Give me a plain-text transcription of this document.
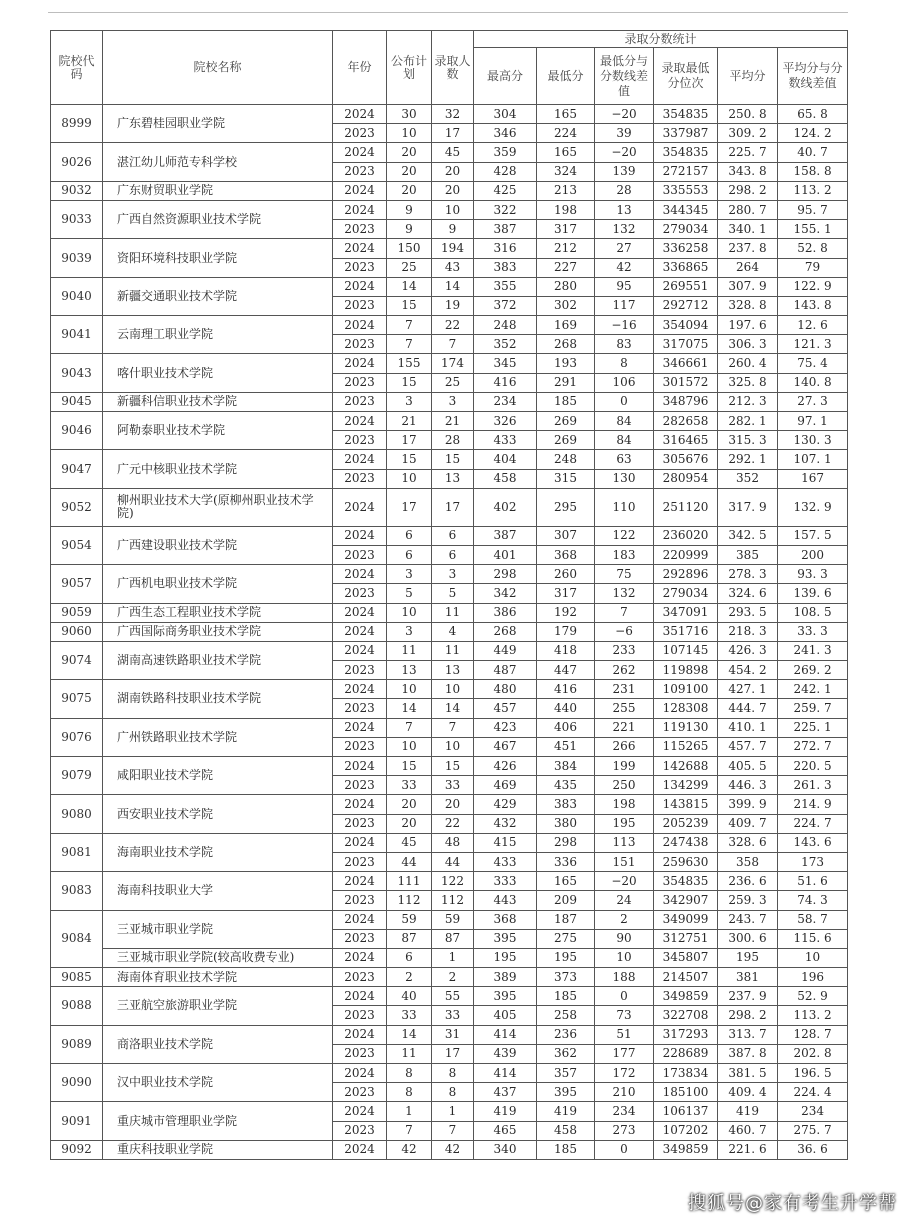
院校代码	院校名称	年份	公布计划	录取人数	录取分数统计					
					最高分	最低分	最低分与分数线差值	录取最低分位次	平均分	平均分与分数线差值
8999	广东碧桂园职业学院	2024	30	32	304	165	−20	354835	250. 8	65. 8
		2023	10	17	346	224	39	337987	309. 2	124. 2
9026	湛江幼儿师范专科学校	2024	20	45	359	165	−20	354835	225. 7	40. 7
		2023	20	20	428	324	139	272157	343. 8	158. 8
9032	广东财贸职业学院	2024	20	20	425	213	28	335553	298. 2	113. 2
9033	广西自然资源职业技术学院	2024	9	10	322	198	13	344345	280. 7	95. 7
		2023	9	9	387	317	132	279034	340. 1	155. 1
9039	资阳环境科技职业学院	2024	150	194	316	212	27	336258	237. 8	52. 8
		2023	25	43	383	227	42	336865	264	79
9040	新疆交通职业技术学院	2024	14	14	355	280	95	269551	307. 9	122. 9
		2023	15	19	372	302	117	292712	328. 8	143. 8
9041	云南理工职业学院	2024	7	22	248	169	−16	354094	197. 6	12. 6
		2023	7	7	352	268	83	317075	306. 3	121. 3
9043	喀什职业技术学院	2024	155	174	345	193	8	346661	260. 4	75. 4
		2023	15	25	416	291	106	301572	325. 8	140. 8
9045	新疆科信职业技术学院	2023	3	3	234	185	0	348796	212. 3	27. 3
9046	阿勒泰职业技术学院	2024	21	21	326	269	84	282658	282. 1	97. 1
		2023	17	28	433	269	84	316465	315. 3	130. 3
9047	广元中核职业技术学院	2024	15	15	404	248	63	305676	292. 1	107. 1
		2023	10	13	458	315	130	280954	352	167
9052	柳州职业技术大学(原柳州职业技术学院)	2024	17	17	402	295	110	251120	317. 9	132. 9
9054	广西建设职业技术学院	2024	6	6	387	307	122	236020	342. 5	157. 5
		2023	6	6	401	368	183	220999	385	200
9057	广西机电职业技术学院	2024	3	3	298	260	75	292896	278. 3	93. 3
		2023	5	5	342	317	132	279034	324. 6	139. 6
9059	广西生态工程职业技术学院	2024	10	11	386	192	7	347091	293. 5	108. 5
9060	广西国际商务职业技术学院	2024	3	4	268	179	−6	351716	218. 3	33. 3
9074	湖南高速铁路职业技术学院	2024	11	11	449	418	233	107145	426. 3	241. 3
		2023	13	13	487	447	262	119898	454. 2	269. 2
9075	湖南铁路科技职业技术学院	2024	10	10	480	416	231	109100	427. 1	242. 1
		2023	14	14	457	440	255	128308	444. 7	259. 7
9076	广州铁路职业技术学院	2024	7	7	423	406	221	119130	410. 1	225. 1
		2023	10	10	467	451	266	115265	457. 7	272. 7
9079	咸阳职业技术学院	2024	15	15	426	384	199	142688	405. 5	220. 5
		2023	33	33	469	435	250	134299	446. 3	261. 3
9080	西安职业技术学院	2024	20	20	429	383	198	143815	399. 9	214. 9
		2023	20	22	432	380	195	205239	409. 7	224. 7
9081	海南职业技术学院	2024	45	48	415	298	113	247438	328. 6	143. 6
		2023	44	44	433	336	151	259630	358	173
9083	海南科技职业大学	2024	111	122	333	165	−20	354835	236. 6	51. 6
		2023	112	112	443	209	24	342907	259. 3	74. 3
9084	三亚城市职业学院	2024	59	59	368	187	2	349099	243. 7	58. 7
		2023	87	87	395	275	90	312751	300. 6	115. 6
	三亚城市职业学院(较高收费专业)	2024	6	1	195	195	10	345807	195	10
9085	海南体育职业技术学院	2023	2	2	389	373	188	214507	381	196
9088	三亚航空旅游职业学院	2024	40	55	395	185	0	349859	237. 9	52. 9
		2023	33	33	405	258	73	322708	298. 2	113. 2
9089	商洛职业技术学院	2024	14	31	414	236	51	317293	313. 7	128. 7
		2023	11	17	439	362	177	228689	387. 8	202. 8
9090	汉中职业技术学院	2024	8	8	414	357	172	173834	381. 5	196. 5
		2023	8	8	437	395	210	185100	409. 4	224. 4
9091	重庆城市管理职业学院	2024	1	1	419	419	234	106137	419	234
		2023	7	7	465	458	273	107202	460. 7	275. 7
9092	重庆科技职业学院	2024	42	42	340	185	0	349859	221. 6	36. 6
搜狐号@家有考生升学帮
